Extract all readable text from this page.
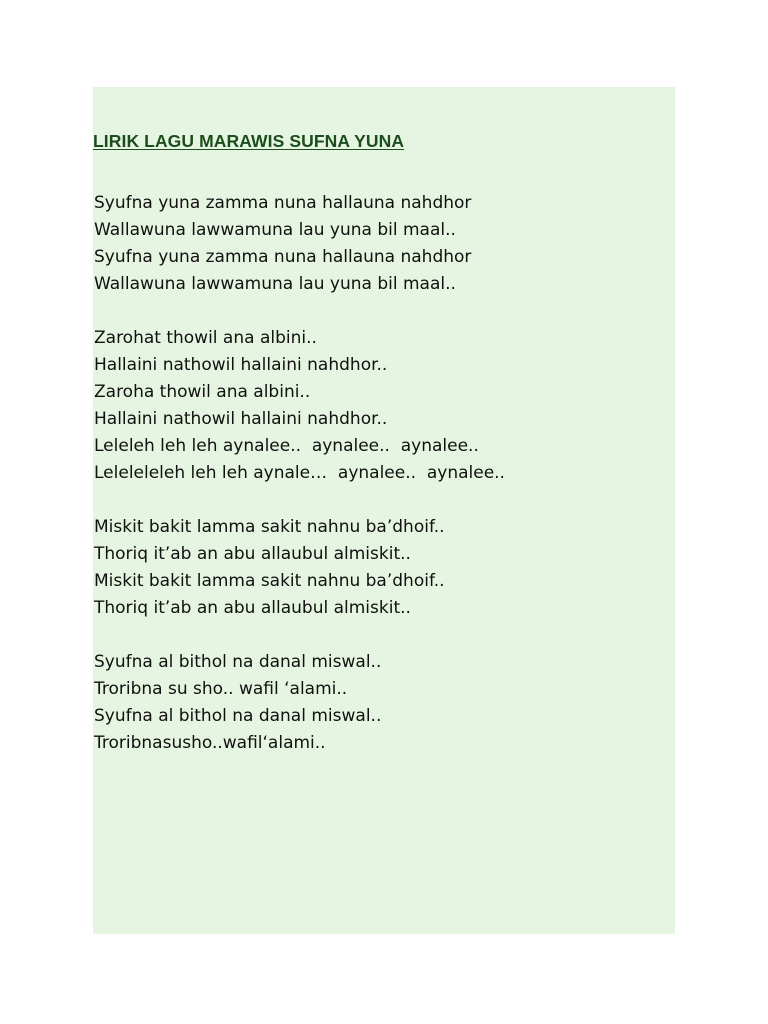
LIRIK LAGU MARAWIS SUFNA YUNA
Syufna yuna zamma nuna hallauna nahdhor
Wallawuna lawwamuna lau yuna bil maal..
Syufna yuna zamma nuna hallauna nahdhor
Wallawuna lawwamuna lau yuna bil maal..
Zarohat thowil ana albini..
Hallaini nathowil hallaini nahdhor..
Zaroha thowil ana albini..
Hallaini nathowil hallaini nahdhor..
Leleleh leh leh aynalee..  aynalee..  aynalee..
Lelelelеleh leh leh aynale…  aynalee..  aynalee..
Miskit bakit lamma sakit nahnu ba’dhoif..
Thoriq it’ab an abu allaubul almiskit..
Miskit bakit lamma sakit nahnu ba’dhoif..
Thoriq it’ab an abu allaubul almiskit..
Syufna al bithol na danal miswal..
Troribna su sho.. wafil ‘alami..
Syufna al bithol na danal miswal..
Troribnasusho..wafil‘alami..
